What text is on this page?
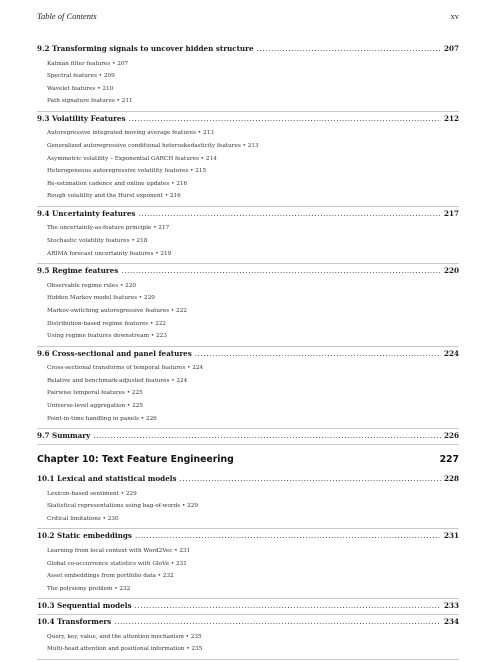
Table of Contents	xv
9.2 Transforming signals to uncover hidden structure .....	207
Kalman filter features • 207
Spectral features • 209
Wavelet features • 210
Path signature features • 211
9.3 Volatility Features .....	212
Autoregressive integrated moving average features • 213
Generalized autoregressive conditional heteroskedasticity features • 213
Asymmetric volatility – Exponential GARCH features • 214
Heterogeneous autoregressive volatility features • 215
Re-estimation cadence and online updates • 216
Rough volatility and the Hurst exponent • 216
9.4 Uncertainty features .....	217
The uncertainty-as-feature principle • 217
Stochastic volatility features • 218
ARIMA forecast uncertainty features • 219
9.5 Regime features .....	220
Observable regime rules • 220
Hidden Markov model features • 220
Markov-switching autoregressive features • 222
Distribution-based regime features • 222
Using regime features downstream • 223
9.6 Cross-sectional and panel features .....	224
Cross-sectional transforms of temporal features • 224
Relative and benchmark-adjusted features • 224
Pairwise temporal features • 225
Universe-level aggregation • 225
Point-in-time handling in panels • 226
9.7 Summary .....	226
Chapter 10: Text Feature Engineering	227
10.1 Lexical and statistical models .....	228
Lexicon-based sentiment • 229
Statistical representations using bag-of-words • 229
Critical limitations • 230
10.2 Static embeddings .....	231
Learning from local context with Word2Vec • 231
Global co-occurrence statistics with GloVe • 231
Asset embeddings from portfolio data • 232
The polysemy problem • 232
10.3 Sequential models .....	233
10.4 Transformers .....	234
Query, key, value, and the attention mechanism • 235
Multi-head attention and positional information • 235
